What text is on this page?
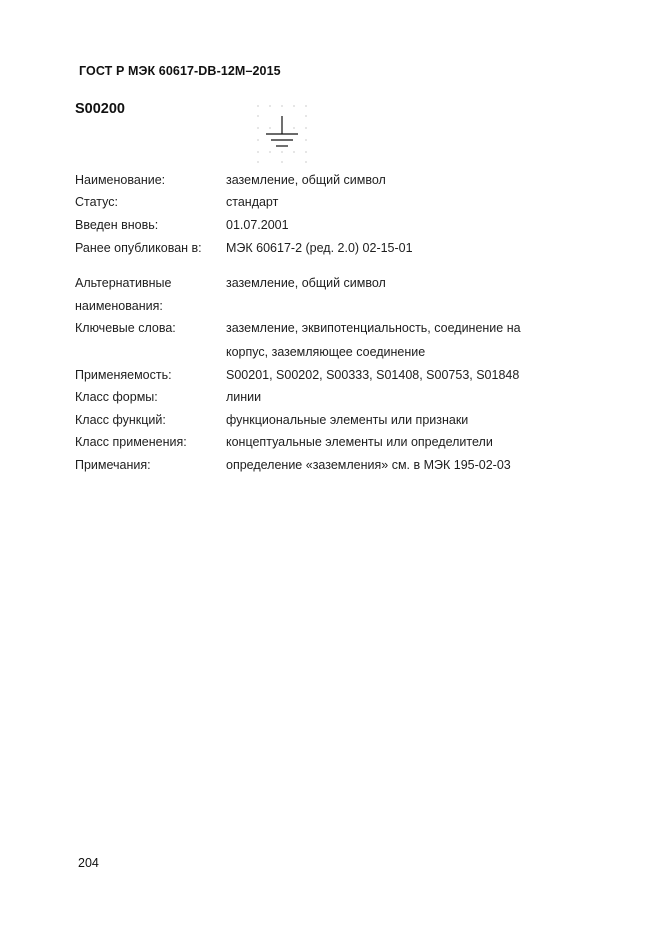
ГОСТ Р МЭК 60617-DB-12M–2015
S00200
Наименование:	заземление, общий символ
Статус:	стандарт
Введен вновь:	01.07.2001
Ранее опубликован в: МЭК 60617-2 (ред. 2.0) 02-15-01
Альтернативные	заземление, общий символ
наименования:
Ключевые слова:	заземление, эквипотенциальность, соединение на
корпус, заземляющее соединение
Применяемость:	S00201, S00202, S00333, S01408, S00753, S01848
Класс формы:	линии
Класс функций:	функциональные элементы или признаки
Класс применения:	концептуальные элементы или определители
Примечания:	определение «заземления» см. в МЭК 195-02-03
204
